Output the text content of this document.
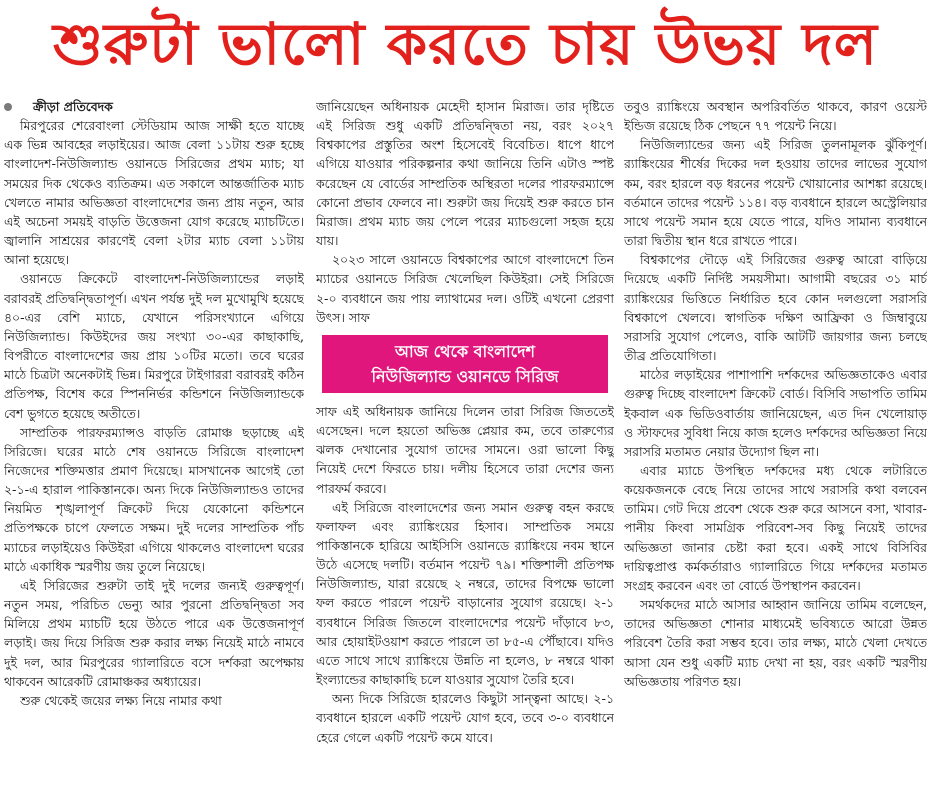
শুরুটা ভালো করতে চায় উভয় দল

ক্রীড়া প্রতিবেদক

মিরপুরের শেরেবাংলা স্টেডিয়াম আজ সাক্ষী হতে যাচ্ছে এক ভিন্ন আবহের লড়াইয়ের। আজ বেলা ১১টায় শুরু হচ্ছে বাংলাদেশ-নিউজিল্যান্ড ওয়ানডে সিরিজের প্রথম ম্যাচ; যা সময়ের দিক থেকেও ব্যতিক্রম। এত সকালে আন্তর্জাতিক ম্যাচ খেলতে নামার অভিজ্ঞতা বাংলাদেশের জন্য প্রায় নতুন, আর এই অচেনা সময়ই বাড়তি উত্তেজনা যোগ করেছে ম্যাচটিতে। জ্বালানি সাশ্রয়ের কারণেই বেলা ২টার ম্যাচ বেলা ১১টায় আনা হয়েছে।

ওয়ানডে ক্রিকেটে বাংলাদেশ-নিউজিল্যান্ডের লড়াই বরাবরই প্রতিদ্বন্দ্বিতাপূর্ণ। এখন পর্যন্ত দুই দল মুখোমুখি হয়েছে ৪০-এর বেশি ম্যাচে, যেখানে পরিসংখ্যানে এগিয়ে নিউজিল্যান্ড। কিউইদের জয় সংখ্যা ৩০-এর কাছাকাছি, বিপরীতে বাংলাদেশের জয় প্রায় ১০টির মতো। তবে ঘরের মাঠে চিত্রটা অনেকটাই ভিন্ন। মিরপুরে টাইগাররা বরাবরই কঠিন প্রতিপক্ষ, বিশেষ করে স্পিননির্ভর কন্ডিশনে নিউজিল্যান্ডকে বেশ ভুগতে হয়েছে অতীতে।

সাম্প্রতিক পারফরম্যান্সও বাড়তি রোমাঞ্চ ছড়াচ্ছে এই সিরিজে। ঘরের মাঠে শেষ ওয়ানডে সিরিজে বাংলাদেশ নিজেদের শক্তিমত্তার প্রমাণ দিয়েছে। মাসখানেক আগেই তো ২-১-এ হারাল পাকিস্তানকে। অন্য দিকে নিউজিল্যান্ডও তাদের নিয়মিত শৃঙ্খলাপূর্ণ ক্রিকেট দিয়ে যেকোনো কন্ডিশনে প্রতিপক্ষকে চাপে ফেলতে সক্ষম। দুই দলের সাম্প্রতিক পাঁচ ম্যাচের লড়াইয়েও কিউইরা এগিয়ে থাকলেও বাংলাদেশ ঘরের মাঠে একাধিক স্মরণীয় জয় তুলে নিয়েছে।

এই সিরিজের শুরুটা তাই দুই দলের জন্যই গুরুত্বপূর্ণ। নতুন সময়, পরিচিত ভেন্যু আর পুরনো প্রতিদ্বন্দ্বিতা সব মিলিয়ে প্রথম ম্যাচটি হয়ে উঠতে পারে এক উত্তেজনাপূর্ণ লড়াই। জয় দিয়ে সিরিজ শুরু করার লক্ষ্য নিয়েই মাঠে নামবে দুই দল, আর মিরপুরের গ্যালারিতে বসে দর্শকরা অপেক্ষায় থাকবেন আরেকটি রোমাঞ্চকর অধ্যায়ের।

শুরু থেকেই জয়ের লক্ষ্য নিয়ে নামার কথা

জানিয়েছেন অধিনায়ক মেহেদী হাসান মিরাজ। তার দৃষ্টিতে এই সিরিজ শুধু একটি প্রতিদ্বন্দ্বিতা নয়, বরং ২০২৭ বিশ্বকাপের প্রস্তুতির অংশ হিসেবেই বিবেচিত। ধাপে ধাপে এগিয়ে যাওয়ার পরিকল্পনার কথা জানিয়ে তিনি এটাও স্পষ্ট করেছেন যে বোর্ডের সাম্প্রতিক অস্থিরতা দলের পারফরম্যান্সে কোনো প্রভাব ফেলবে না। শুরুটা জয় দিয়েই শুরু করতে চান মিরাজ। প্রথম ম্যাচ জয় পেলে পরের ম্যাচগুলো সহজ হয়ে যায়।

২০২৩ সালে ওয়ানডে বিশ্বকাপের আগে বাংলাদেশে তিন ম্যাচের ওয়ানডে সিরিজ খেলেছিল কিউইরা। সেই সিরিজে ২-০ ব্যবধানে জয় পায় ল্যাথামের দল। ওটিই এখনো প্রেরণা উৎস। সাফ

আজ থেকে বাংলাদেশ
নিউজিল্যান্ড ওয়ানডে সিরিজ

সাফ এই অধিনায়ক জানিয়ে দিলেন তারা সিরিজ জিততেই এসেছেন। দলে হয়তো অভিজ্ঞ প্লেয়ার কম, তবে তারুণ্যের ঝলক দেখানোর সুযোগ তাদের সামনে। ওরা ভালো কিছু নিয়েই দেশে ফিরতে চায়। দলীয় হিসেবে তারা দেশের জন্য পারফর্ম করবে।

এই সিরিজে বাংলাদেশের জন্য সমান গুরুত্ব বহন করছে ফলাফল এবং র‍্যাঙ্কিংয়ের হিসাব। সাম্প্রতিক সময়ে পাকিস্তানকে হারিয়ে আইসিসি ওয়ানডে র‍্যাঙ্কিংয়ে নবম স্থানে উঠে এসেছে দলটি। বর্তমান পয়েন্ট ৭৯। শক্তিশালী প্রতিপক্ষ নিউজিল্যান্ড, যারা রয়েছে ২ নম্বরে, তাদের বিপক্ষে ভালো ফল করতে পারলে পয়েন্ট বাড়ানোর সুযোগ রয়েছে। ২-১ ব্যবধানে সিরিজ জিতলে বাংলাদেশের পয়েন্ট দাঁড়াবে ৮৩, আর হোয়াইটওয়াশ করতে পারলে তা ৮৫-এ পৌঁছাবে। যদিও এতে সাথে সাথে র‍্যাঙ্কিংয়ে উন্নতি না হলেও, ৮ নম্বরে থাকা ইংল্যান্ডের কাছাকাছি চলে যাওয়ার সুযোগ তৈরি হবে।

অন্য দিকে সিরিজে হারলেও কিছুটা সান্ত্বনা আছে। ২-১ ব্যবধানে হারলে একটি পয়েন্ট যোগ হবে, তবে ৩-০ ব্যবধানে হেরে গেলে একটি পয়েন্ট কমে যাবে।

তবুও র‍্যাঙ্কিংয়ে অবস্থান অপরিবর্তিত থাকবে, কারণ ওয়েস্ট ইন্ডিজ রয়েছে ঠিক পেছনে ৭৭ পয়েন্ট নিয়ে।

নিউজিল্যান্ডের জন্য এই সিরিজ তুলনামূলক ঝুঁকিপূর্ণ। র‍্যাঙ্কিংয়ের শীর্ষের দিকের দল হওয়ায় তাদের লাভের সুযোগ কম, বরং হারলে বড় ধরনের পয়েন্ট খোয়ানোর আশঙ্কা রয়েছে। বর্তমানে তাদের পয়েন্ট ১১৪। বড় ব্যবধানে হারলে অস্ট্রেলিয়ার সাথে পয়েন্ট সমান হয়ে যেতে পারে, যদিও সামান্য ব্যবধানে তারা দ্বিতীয় স্থান ধরে রাখতে পারে।

বিশ্বকাপের দৌড়ে এই সিরিজের গুরুত্ব আরো বাড়িয়ে দিয়েছে একটি নির্দিষ্ট সময়সীমা। আগামী বছরের ৩১ মার্চ র‍্যাঙ্কিংয়ের ভিত্তিতে নির্ধারিত হবে কোন দলগুলো সরাসরি বিশ্বকাপে খেলবে। স্বাগতিক দক্ষিণ আফ্রিকা ও জিম্বাবুয়ে সরাসরি সুযোগ পেলেও, বাকি আটটি জায়গার জন্য চলছে তীব্র প্রতিযোগিতা।

মাঠের লড়াইয়ের পাশাপাশি দর্শকদের অভিজ্ঞতাকেও এবার গুরুত্ব দিচ্ছে বাংলাদেশ ক্রিকেট বোর্ড। বিসিবি সভাপতি তামিম ইকবাল এক ভিডিওবার্তায় জানিয়েছেন, এত দিন খেলোয়াড় ও স্টাফদের সুবিধা নিয়ে কাজ হলেও দর্শকদের অভিজ্ঞতা নিয়ে সরাসরি মতামত নেয়ার উদ্যোগ ছিল না।

এবার ম্যাচে উপস্থিত দর্শকদের মধ্য থেকে লটারিতে কয়েকজনকে বেছে নিয়ে তাদের সাথে সরাসরি কথা বলবেন তামিম। গেট দিয়ে প্রবেশ থেকে শুরু করে আসনে বসা, খাবার-পানীয় কিংবা সামগ্রিক পরিবেশ-সব কিছু নিয়েই তাদের অভিজ্ঞতা জানার চেষ্টা করা হবে। একই সাথে বিসিবির দায়িত্বপ্রাপ্ত কর্মকর্তারাও গ্যালারিতে গিয়ে দর্শকদের মতামত সংগ্রহ করবেন এবং তা বোর্ডে উপস্থাপন করবেন।

সমর্থকদের মাঠে আসার আহ্বান জানিয়ে তামিম বলেছেন, তাদের অভিজ্ঞতা শোনার মাধ্যমেই ভবিষ্যতে আরো উন্নত পরিবেশ তৈরি করা সম্ভব হবে। তার লক্ষ্য, মাঠে খেলা দেখতে আসা যেন শুধু একটি ম্যাচ দেখা না হয়, বরং একটি স্মরণীয় অভিজ্ঞতায় পরিণত হয়।
